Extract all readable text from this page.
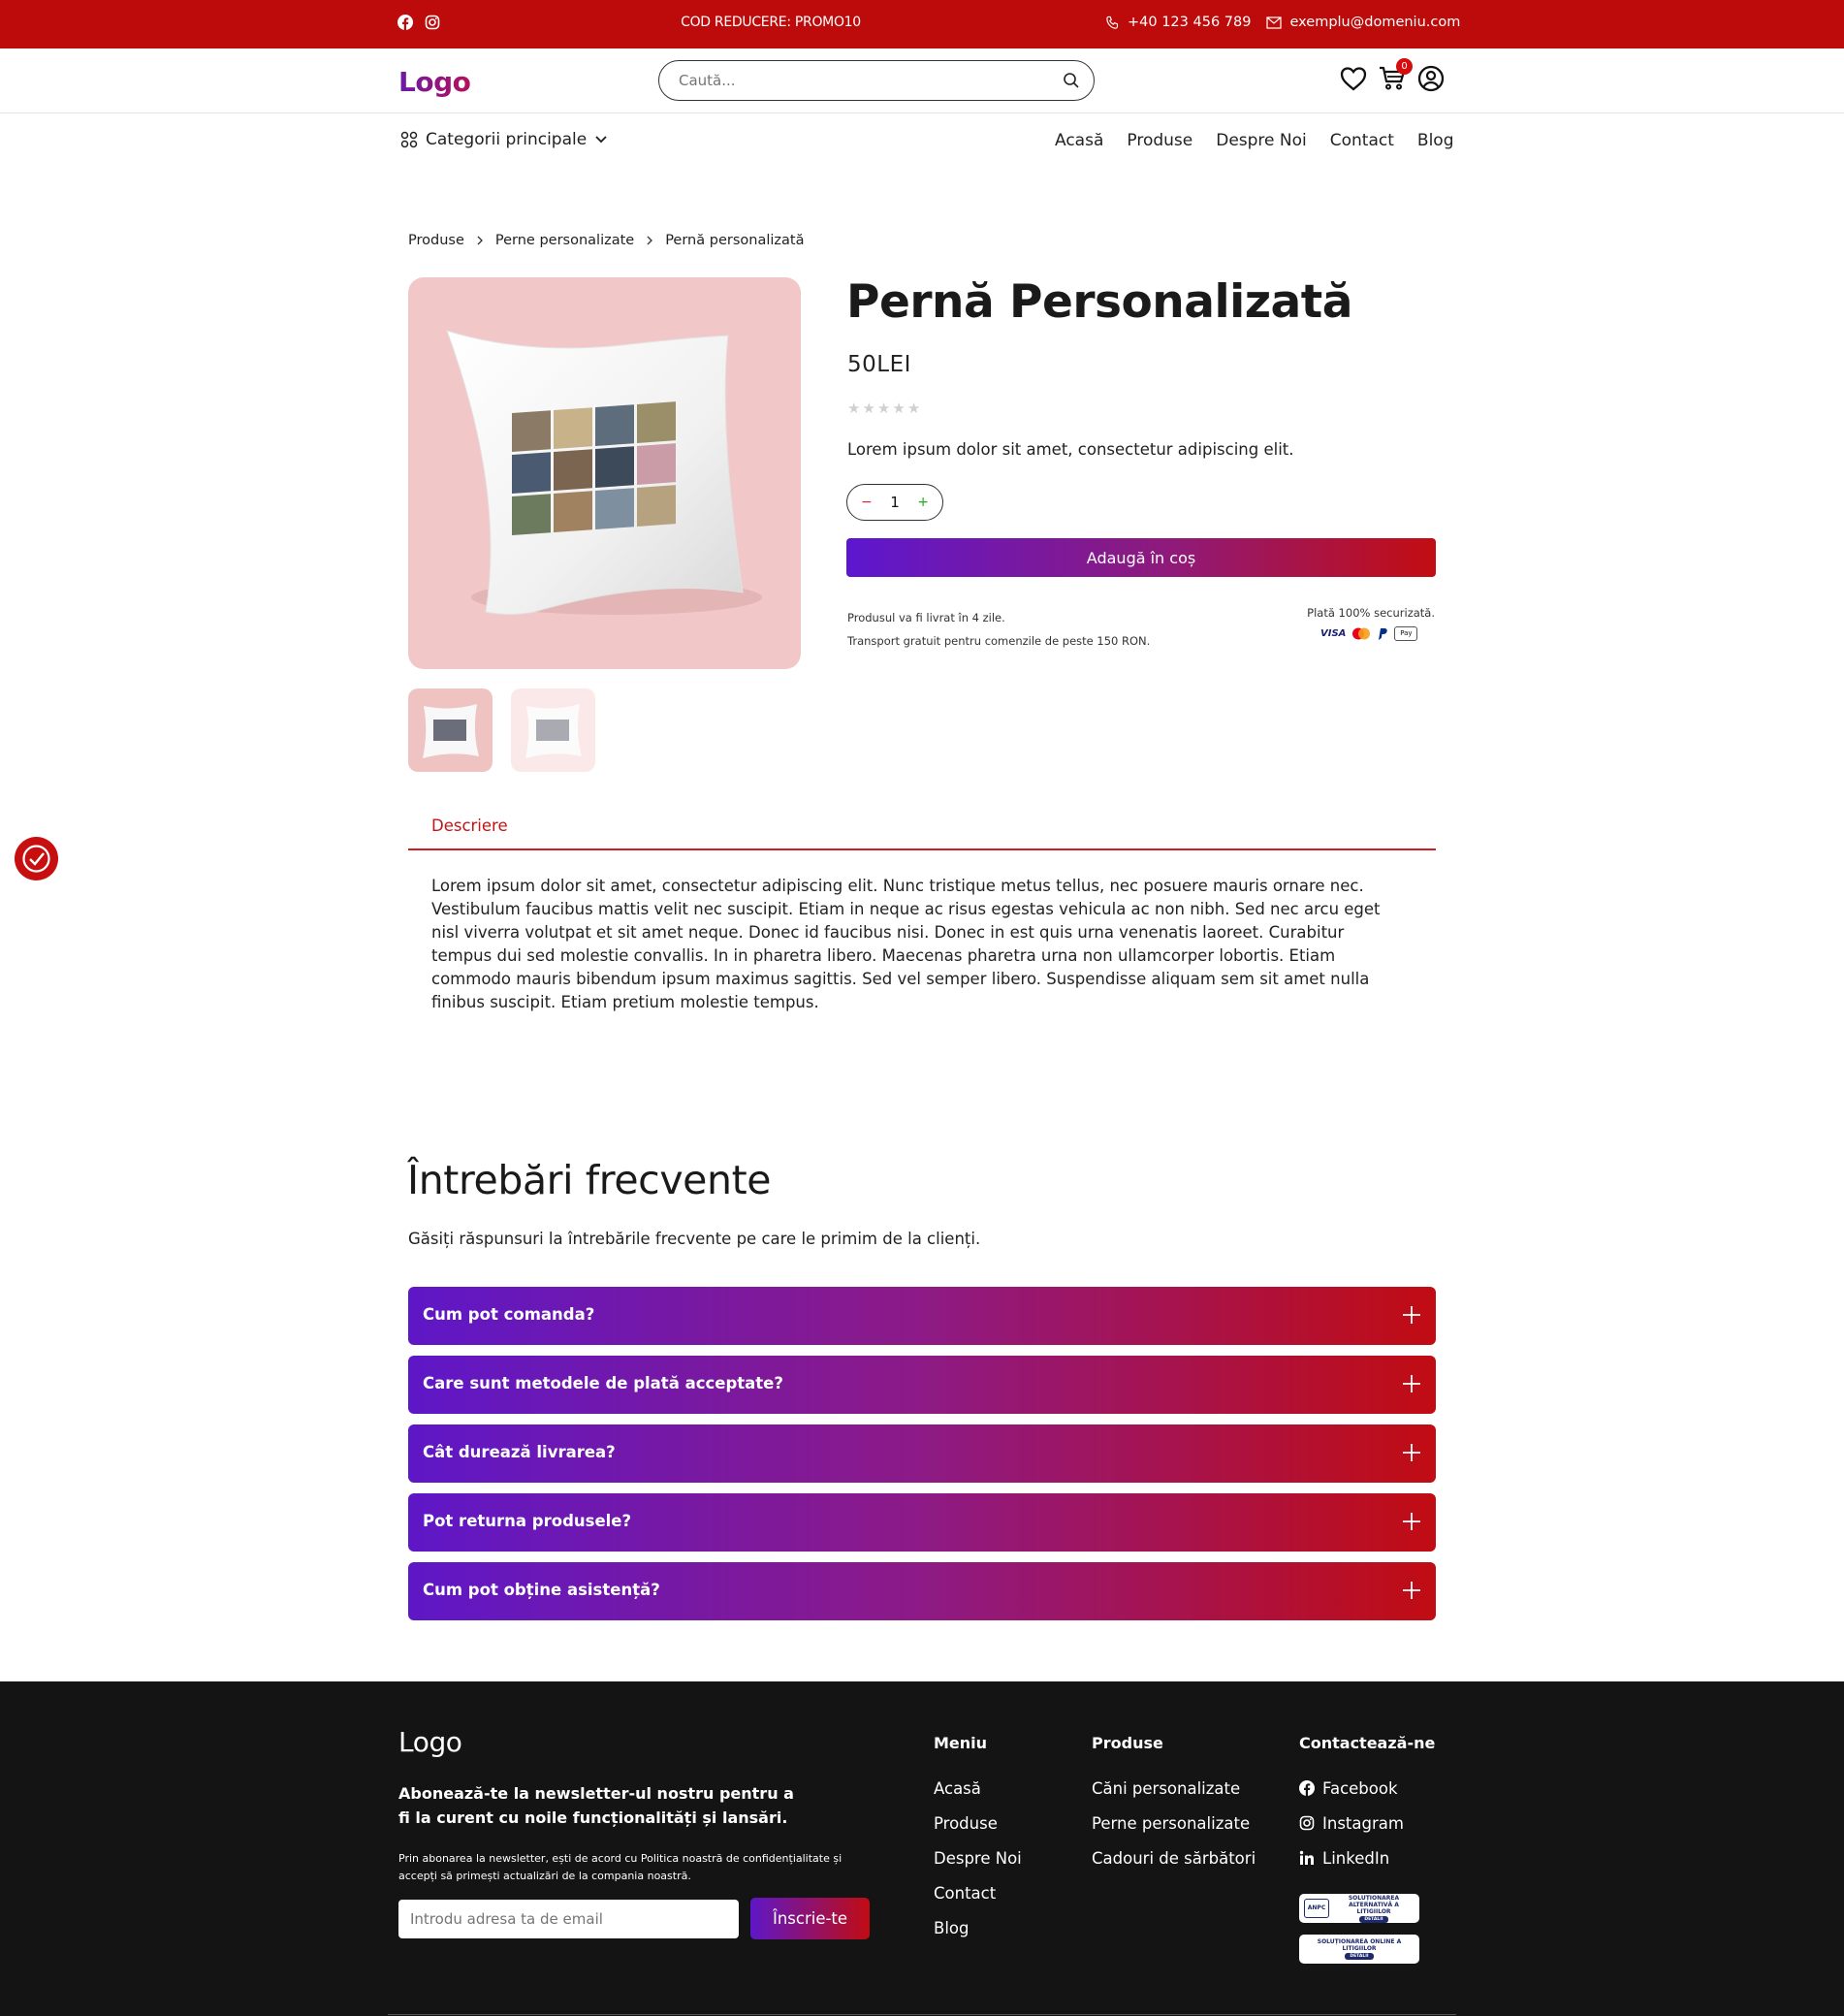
COD REDUCERE: PROMO10	+40 123 456 789	exemplu@domeniu.com
Logo
Caută...	0
Categorii principale	Acasă Produse Despre Noi Contact Blog
Produse Perne personalizate Pernă personalizată
Pernă Personalizată
50LEI
★ ★ ★ ★ ★
Lorem ipsum dolor sit amet, consectetur adipiscing elit.
− 1 +
Adaugă în coș
Produsul va fi livrat în 4 zile.
Transport gratuit pentru comenzile de peste 150 RON.
Plată 100% securizată.
VISA	Pay
Descriere
Lorem ipsum dolor sit amet, consectetur adipiscing elit. Nunc tristique metus tellus, nec posuere mauris ornare nec. Vestibulum faucibus mattis velit nec suscipit. Etiam in neque ac risus egestas vehicula ac non nibh. Sed nec arcu eget nisl viverra volutpat et sit amet neque. Donec id faucibus nisi. Donec in est quis urna venenatis laoreet. Curabitur tempus dui sed molestie convallis. In in pharetra libero. Maecenas pharetra urna non ullamcorper lobortis. Etiam commodo mauris bibendum ipsum maximus sagittis. Sed vel semper libero. Suspendisse aliquam sem sit amet nulla finibus suscipit. Etiam pretium molestie tempus.
Întrebări frecvente
Găsiți răspunsuri la întrebările frecvente pe care le primim de la clienți.
Cum pot comanda?
Care sunt metodele de plată acceptate?
Cât durează livrarea?
Pot returna produsele?
Cum pot obține asistență?
Logo
Abonează-te la newsletter-ul nostru pentru a fi la curent cu noile funcționalități și lansări.
Prin abonarea la newsletter, ești de acord cu Politica noastră de confidențialitate și accepți să primești actualizări de la compania noastră.
Introdu adresa ta de email
Înscrie-te
Meniu
Acasă
Produse
Despre Noi
Contact
Blog
Produse
Căni personalizate
Perne personalizate
Cadouri de sărbători
Contactează-ne
Facebook
Instagram
LinkedIn
ANPC
SOLUȚIONAREA ALTERNATIVĂ A LITIGIILOR
DETALII
SOLUȚIONAREA ONLINE A LITIGIILOR
DETALII
